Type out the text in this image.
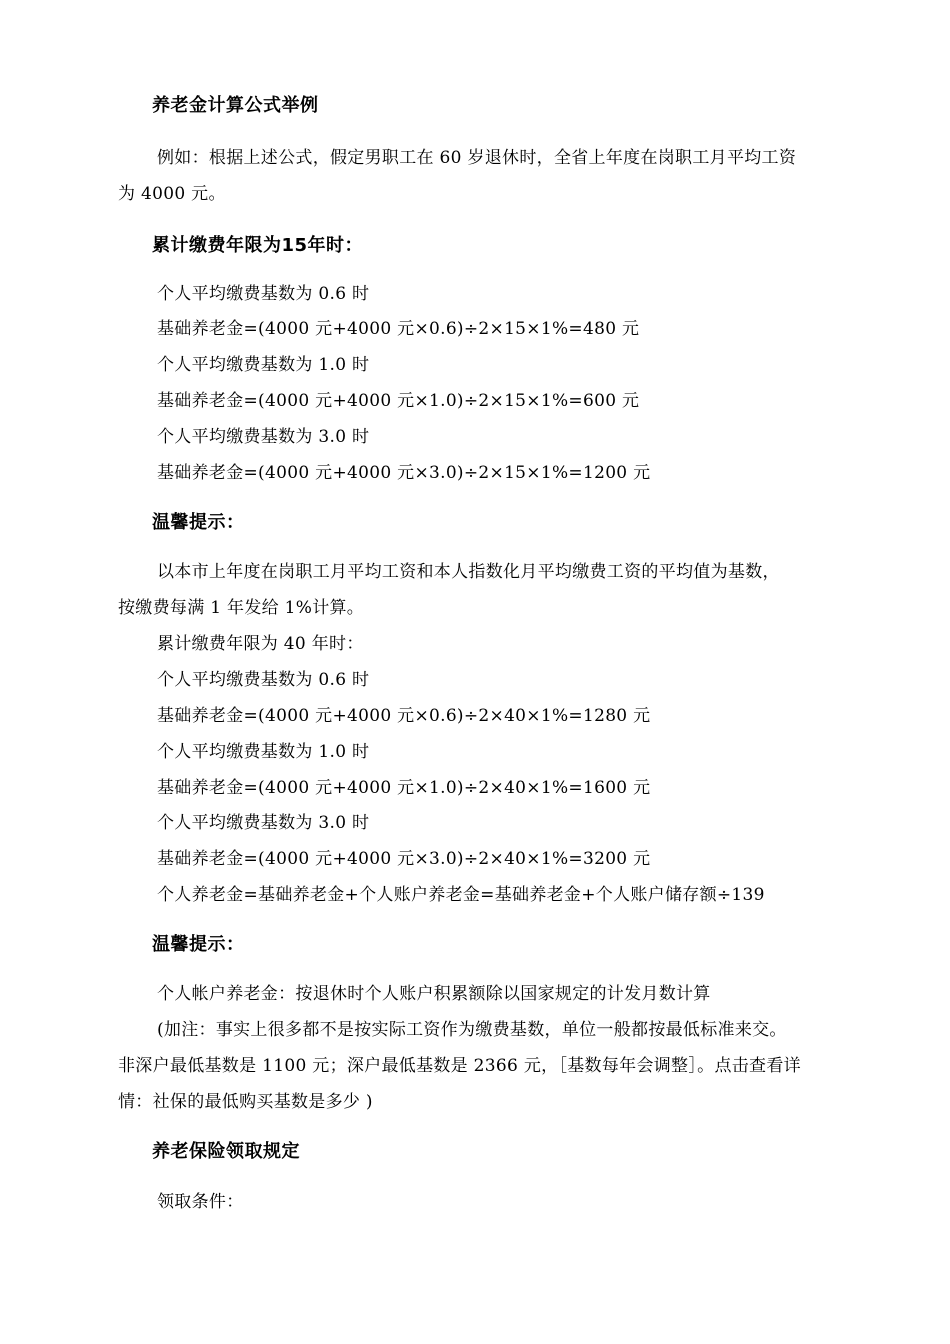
养老金计算公式举例
例如：根据上述公式，假定男职工在 60 岁退休时，全省上年度在岗职工月平均工资
为 4000 元。
累计缴费年限为15年时：
个人平均缴费基数为 0.6 时
基础养老金=(4000 元+4000 元×0.6)÷2×15×1%=480 元
个人平均缴费基数为 1.0 时
基础养老金=(4000 元+4000 元×1.0)÷2×15×1%=600 元
个人平均缴费基数为 3.0 时
基础养老金=(4000 元+4000 元×3.0)÷2×15×1%=1200 元
温馨提示：
以本市上年度在岗职工月平均工资和本人指数化月平均缴费工资的平均值为基数，
按缴费每满 1 年发给 1%计算。
累计缴费年限为 40 年时：
个人平均缴费基数为 0.6 时
基础养老金=(4000 元+4000 元×0.6)÷2×40×1%=1280 元
个人平均缴费基数为 1.0 时
基础养老金=(4000 元+4000 元×1.0)÷2×40×1%=1600 元
个人平均缴费基数为 3.0 时
基础养老金=(4000 元+4000 元×3.0)÷2×40×1%=3200 元
个人养老金=基础养老金+个人账户养老金=基础养老金+个人账户储存额÷139
温馨提示：
个人帐户养老金：按退休时个人账户积累额除以国家规定的计发月数计算
(加注：事实上很多都不是按实际工资作为缴费基数，单位一般都按最低标准来交。
非深户最低基数是 1100 元；深户最低基数是 2366 元，［基数每年会调整］。点击查看详
情：社保的最低购买基数是多少 )
养老保险领取规定
领取条件：
